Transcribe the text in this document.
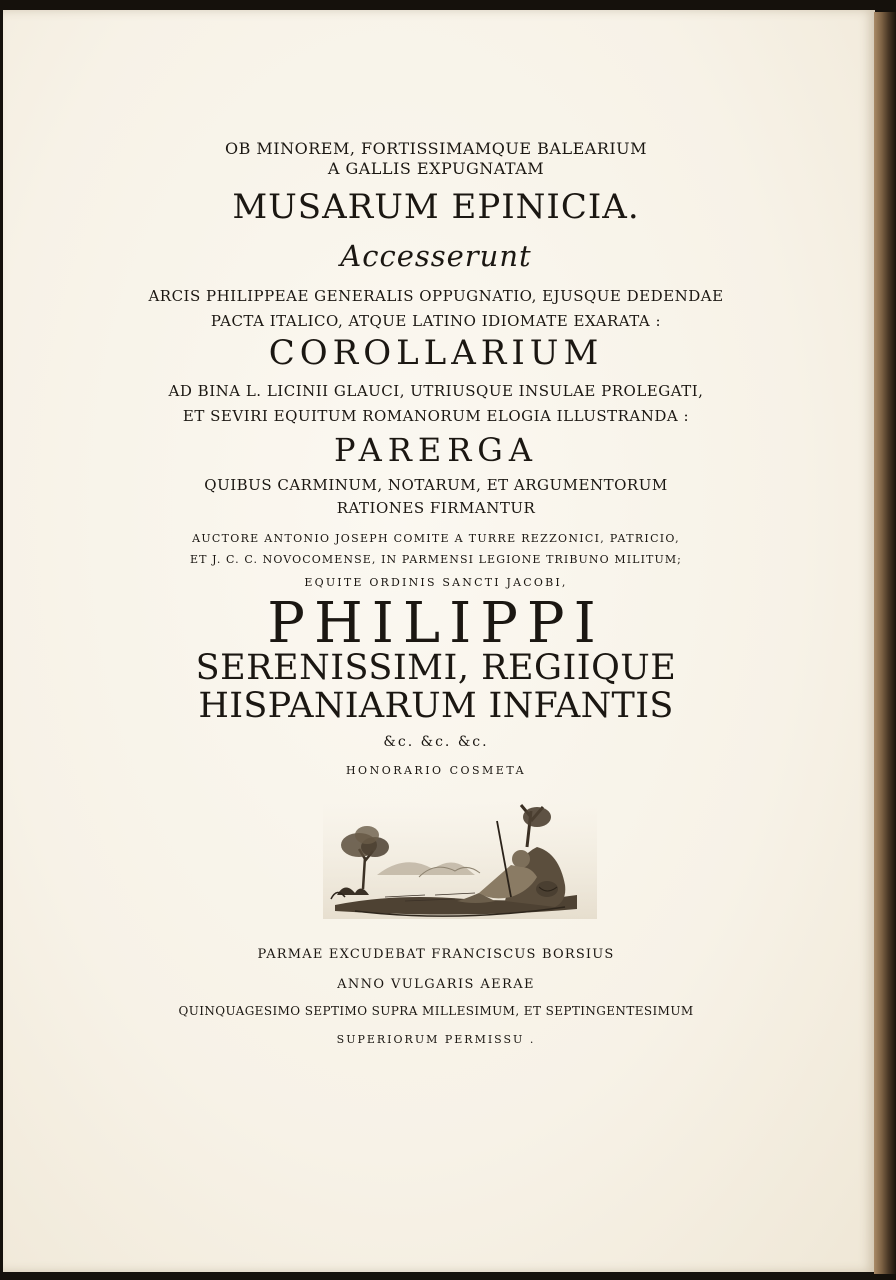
OB MINOREM, FORTISSIMAMQUE BALEARIUM
A GALLIS EXPUGNATAM
MUSARUM EPINICIA.
Accesserunt
ARCIS PHILIPPEAE GENERALIS OPPUGNATIO, EJUSQUE DEDENDAE
PACTA ITALICO, ATQUE LATINO IDIOMATE EXARATA :
COROLLARIUM
AD BINA L. LICINII GLAUCI, UTRIUSQUE INSULAE PROLEGATI,
ET SEVIRI EQUITUM ROMANORUM ELOGIA ILLUSTRANDA :
PARERGA
QUIBUS CARMINUM, NOTARUM, ET ARGUMENTORUM
RATIONES FIRMANTUR
AUCTORE ANTONIO JOSEPH COMITE A TURRE REZZONICI, PATRICIO,
ET J. C. C. NOVOCOMENSE, IN PARMENSI LEGIONE TRIBUNO MILITUM;
EQUITE ORDINIS SANCTI JACOBI,
PHILIPPI
SERENISSIMI, REGIIQUE
HISPANIARUM INFANTIS
&c. &c. &c.
HONORARIO COSMETA
PARMAE EXCUDEBAT FRANCISCUS BORSIUS
ANNO VULGARIS AERAE
QUINQUAGESIMO SEPTIMO SUPRA MILLESIMUM, ET SEPTINGENTESIMUM
SUPERIORUM PERMISSU .
